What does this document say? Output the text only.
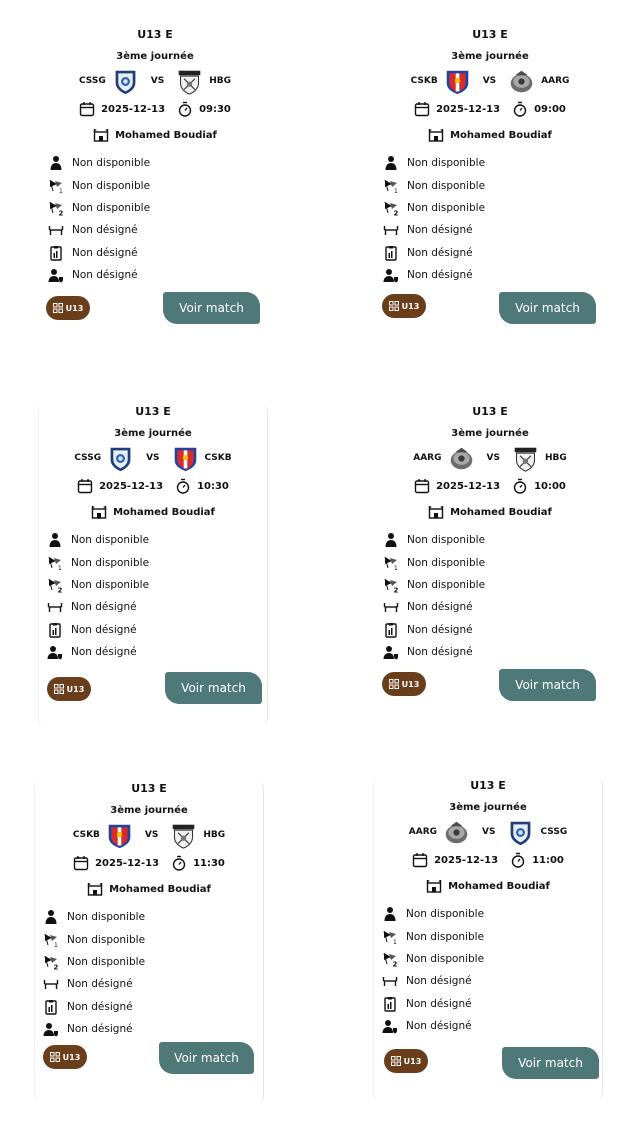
U13 E
3ème journée
CSSG	VS	HBG
2025-12-13	09:30
Mohamed Boudiaf
Non disponible
1 Non disponible
2 Non disponible
Non désigné
Non désigné
Non désigné
U13	Voir match
U13 E
3ème journée
CSKB	VS	AARG
2025-12-13	09:00
Mohamed Boudiaf
Non disponible
1 Non disponible
2 Non disponible
Non désigné
Non désigné
Non désigné
U13	Voir match
U13 E
3ème journée
CSSG	VS	CSKB
2025-12-13	10:30
Mohamed Boudiaf
Non disponible
1 Non disponible
2 Non disponible
Non désigné
Non désigné
Non désigné
U13	Voir match
U13 E
3ème journée
AARG	VS	HBG
2025-12-13	10:00
Mohamed Boudiaf
Non disponible
1 Non disponible
2 Non disponible
Non désigné
Non désigné
Non désigné
U13	Voir match
U13 E
3ème journée
CSKB	VS	HBG
2025-12-13	11:30
Mohamed Boudiaf
Non disponible
1 Non disponible
2 Non disponible
Non désigné
Non désigné
Non désigné
U13	Voir match
U13 E
3ème journée
AARG	VS	CSSG
2025-12-13	11:00
Mohamed Boudiaf
Non disponible
1 Non disponible
2 Non disponible
Non désigné
Non désigné
Non désigné
U13	Voir match
